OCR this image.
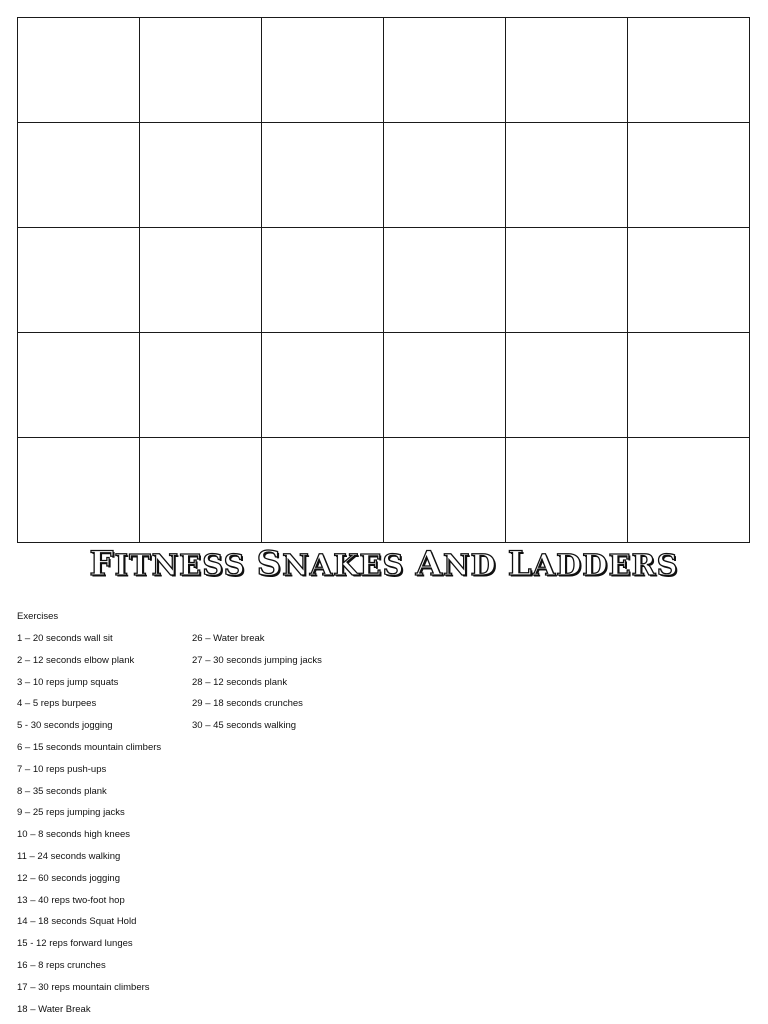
FITNESS SNAKES AND LADDERS
Exercises
1 – 20 seconds wall sit
2 – 12 seconds elbow plank
3 – 10 reps jump squats
4 – 5 reps burpees
5 - 30 seconds jogging
6 – 15 seconds mountain climbers
7 – 10 reps push-ups
8 – 35 seconds plank
9 – 25 reps jumping jacks
10 – 8 seconds high knees
11 – 24 seconds walking
12 – 60 seconds jogging
13 – 40 reps two-foot hop
14 – 18 seconds Squat Hold
15 - 12 reps forward lunges
16 – 8 reps crunches
17 – 30 reps mountain climbers
18 – Water Break
26 – Water break
27 – 30 seconds jumping jacks
28 – 12 seconds plank
29 – 18 seconds crunches
30 – 45 seconds walking
